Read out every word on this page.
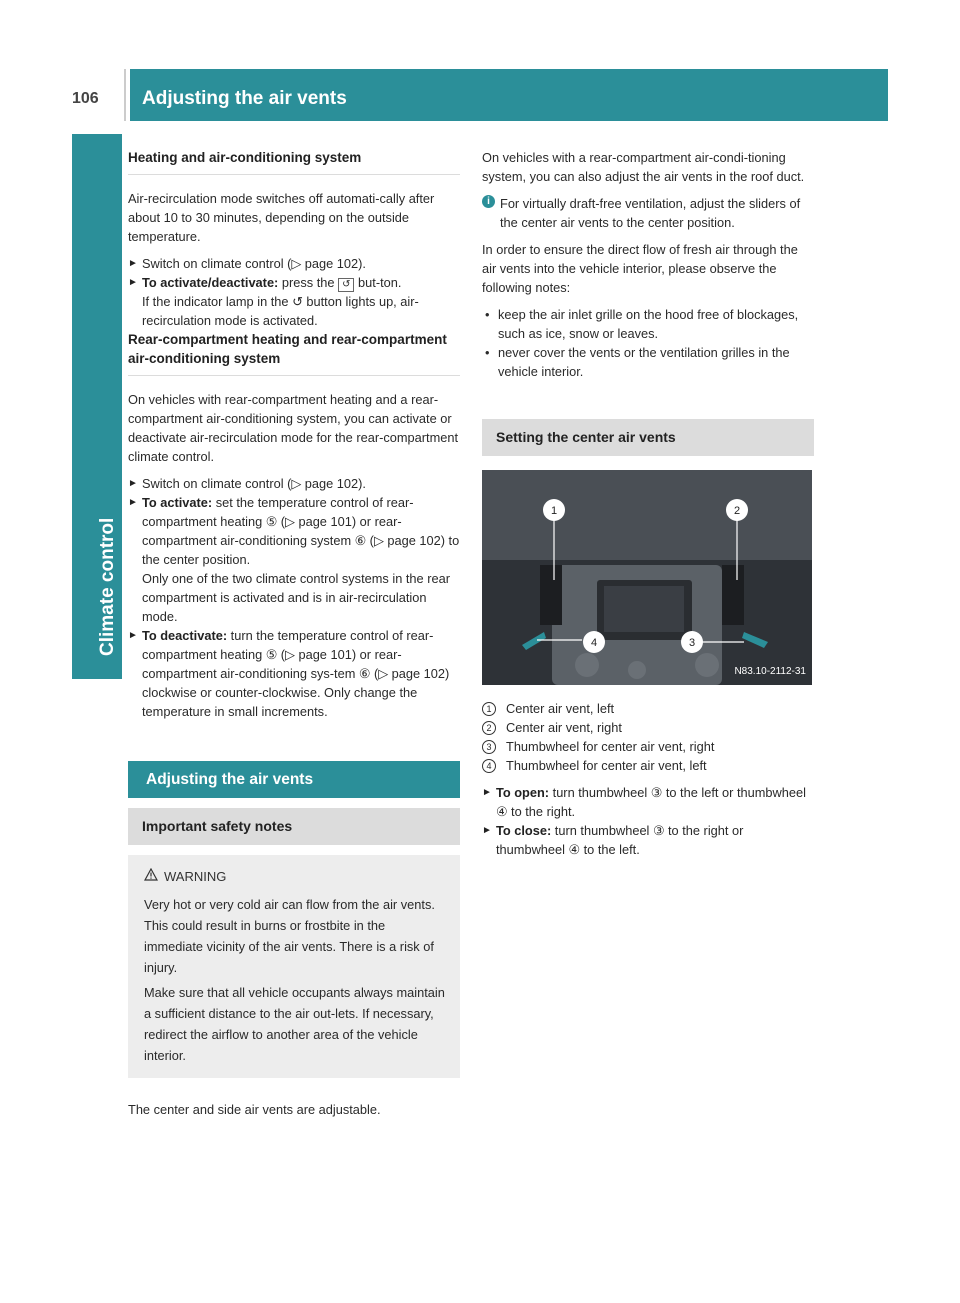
106 Adjusting the air vents
Climate control
Heating and air-conditioning system

Air-recirculation mode switches off automati-cally after about 10 to 30 minutes, depending on the outside temperature.

► Switch on climate control (▷ page 102).
► To activate/deactivate: press the ↺ but-ton.
If the indicator lamp in the ↺ button lights up, air-recirculation mode is activated.
Rear-compartment heating and rear-compartment air-conditioning system

On vehicles with rear-compartment heating and a rear-compartment air-conditioning system, you can activate or deactivate air-recirculation mode for the rear-compartment climate control.

► Switch on climate control (▷ page 102).
► To activate: set the temperature control of rear-compartment heating ⑤ (▷ page 101) or rear-compartment air-conditioning system ⑥ (▷ page 102) to the center position.
Only one of the two climate control systems in the rear compartment is activated and is in air-recirculation mode.
► To deactivate: turn the temperature control of rear-compartment heating ⑤ (▷ page 101) or rear-compartment air-conditioning sys-tem ⑥ (▷ page 102) clockwise or counter-clockwise. Only change the temperature in small increments.
Adjusting the air vents
Important safety notes
WARNING

Very hot or very cold air can flow from the air vents. This could result in burns or frostbite in the immediate vicinity of the air vents. There is a risk of injury.

Make sure that all vehicle occupants always maintain a sufficient distance to the air out-lets. If necessary, redirect the airflow to another area of the vehicle interior.

The center and side air vents are adjustable.

On vehicles with a rear-compartment air-condi-tioning system, you can also adjust the air vents in the roof duct.

i For virtually draft-free ventilation, adjust the sliders of the center air vents to the center position.

In order to ensure the direct flow of fresh air through the air vents into the vehicle interior, please observe the following notes:

• keep the air inlet grille on the hood free of blockages, such as ice, snow or leaves.
• never cover the vents or the ventilation grilles in the vehicle interior.
Setting the center air vents
1	2
3
4
N83.10-2112-31
1	Center air vent, left
2	Center air vent, right
3	Thumbwheel for center air vent, right
4	Thumbwheel for center air vent, left
► To open: turn thumbwheel ③ to the left or thumbwheel ④ to the right.
► To close: turn thumbwheel ③ to the right or thumbwheel ④ to the left.
